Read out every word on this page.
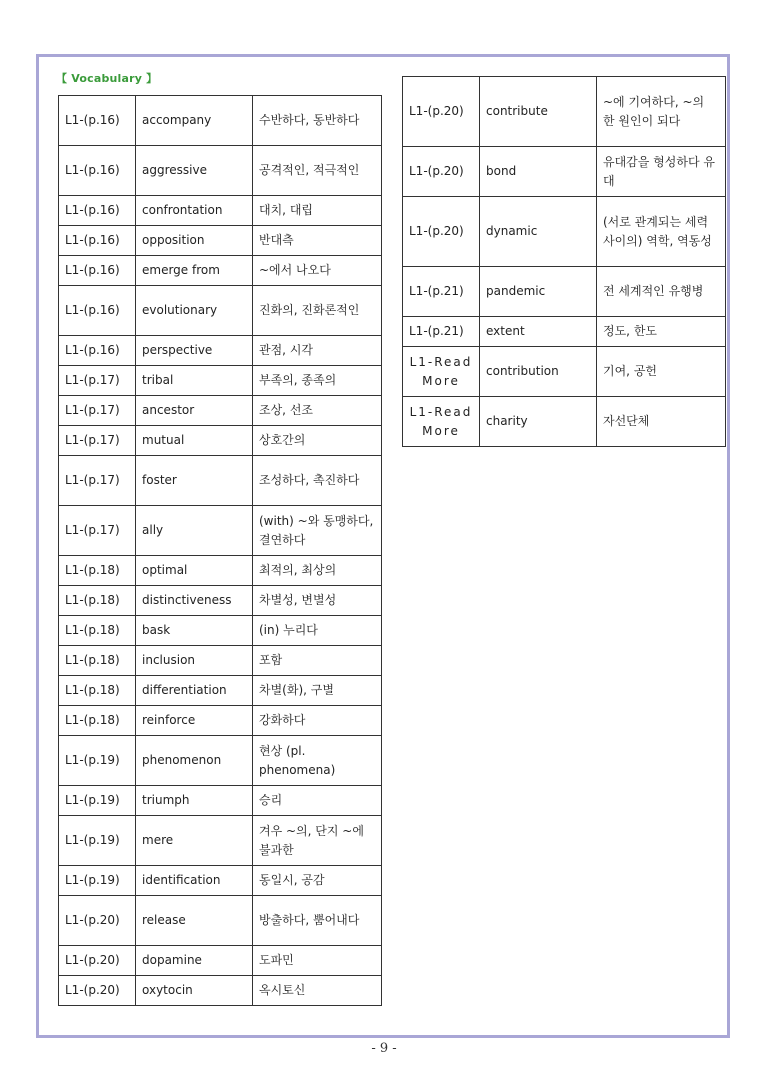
【 Vocabulary 】
L1-(p.16)	accompany	수반하다, 동반하다
L1-(p.16)	aggressive	공격적인, 적극적인
L1-(p.16)	confrontation	대치, 대립
L1-(p.16)	opposition	반대측
L1-(p.16)	emerge from	~에서 나오다
L1-(p.16)	evolutionary	진화의, 진화론적인
L1-(p.16)	perspective	관점, 시각
L1-(p.17)	tribal	부족의, 종족의
L1-(p.17)	ancestor	조상, 선조
L1-(p.17)	mutual	상호간의
L1-(p.17)	foster	조성하다, 촉진하다
L1-(p.17)	ally	(with) ~와 동맹하다, 결연하다
L1-(p.18)	optimal	최적의, 최상의
L1-(p.18)	distinctiveness	차별성, 변별성
L1-(p.18)	bask	(in) 누리다
L1-(p.18)	inclusion	포함
L1-(p.18)	differentiation	차별(화), 구별
L1-(p.18)	reinforce	강화하다
L1-(p.19)	phenomenon	현상 (pl. phenomena)
L1-(p.19)	triumph	승리
L1-(p.19)	mere	겨우 ~의, 단지 ~에 불과한
L1-(p.19)	identification	동일시, 공감
L1-(p.20)	release	방출하다, 뿜어내다
L1-(p.20)	dopamine	도파민
L1-(p.20)	oxytocin	옥시토신
L1-(p.20)	contribute	~에 기여하다, ~의 한 원인이 되다
L1-(p.20)	bond	유대감을 형성하다 유대
L1-(p.20)	dynamic	(서로 관계되는 세력 사이의) 역학, 역동성
L1-(p.21)	pandemic	전 세계적인 유행병
L1-(p.21)	extent	정도, 한도
L1-Read More	contribution	기여, 공헌
L1-Read More	charity	자선단체
- 9 -
